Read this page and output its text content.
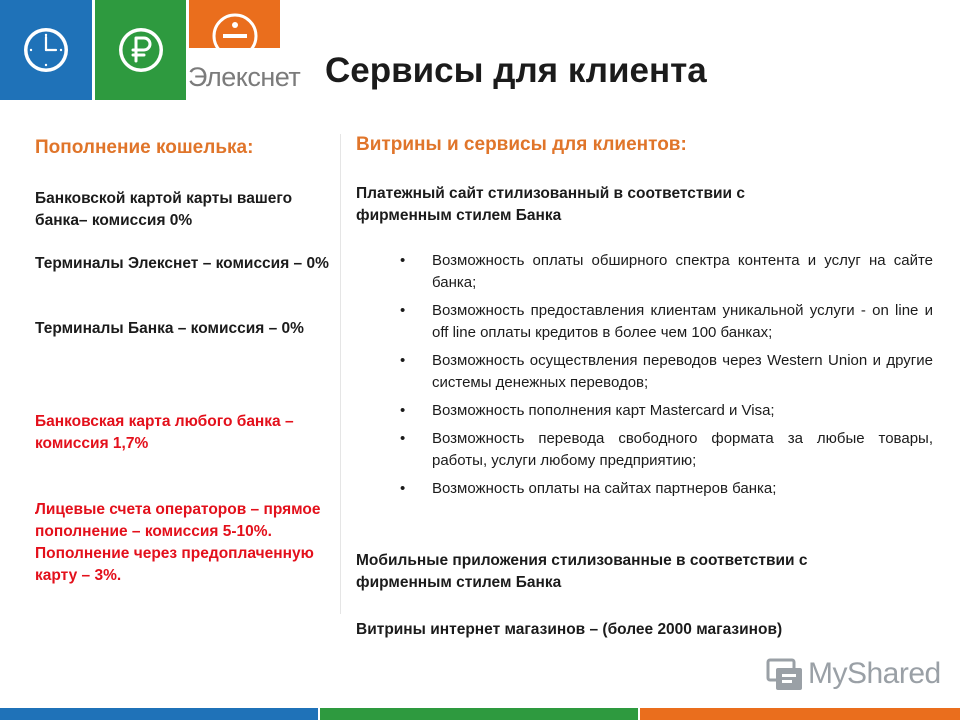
Элекснет Сервисы для клиента
Пополнение кошелька:
Банковской картой карты вашего банка– комиссия 0%
Терминалы Элекснет – комиссия – 0%
Терминалы Банка – комиссия – 0%
Банковская карта любого банка – комиссия 1,7%
Лицевые счета операторов – прямое пополнение – комиссия 5-10%. Пополнение через предоплаченную карту – 3%.
Витрины и сервисы для клиентов:
Платежный сайт стилизованный в соответствии с фирменным стилем Банка
• Возможность оплаты обширного спектра контента и услуг на сайте банка;
• Возможность предоставления клиентам уникальной услуги - on line и off line оплаты кредитов в более чем 100 банках;
• Возможность осуществления переводов через Western Union и другие системы денежных переводов;
• Возможность пополнения карт Mastercard и Visa;
• Возможность перевода свободного формата за любые товары, работы, услуги любому предприятию;
• Возможность оплаты на сайтах партнеров банка;
Мобильные приложения стилизованные в соответствии с фирменным стилем Банка
Витрины интернет магазинов – (более 2000 магазинов)
MyShared
